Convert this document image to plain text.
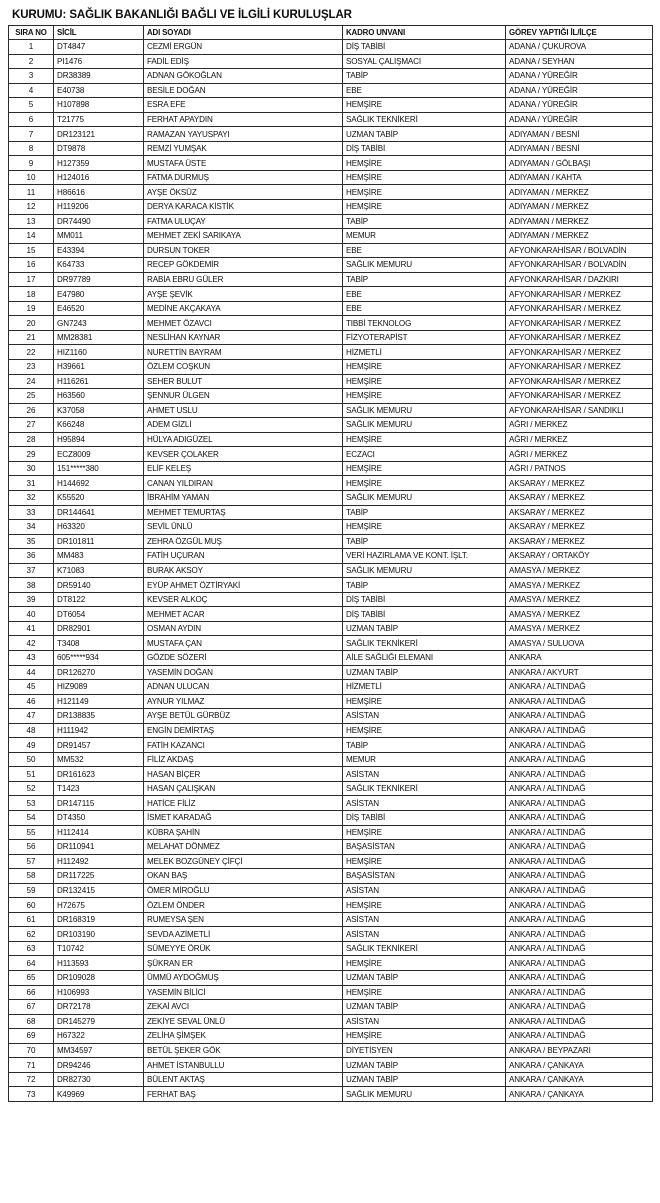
KURUMU: SAĞLIK BAKANLIĞI BAĞLI VE İLGİLİ KURULUŞLAR
SIRA NO	SİCİL	ADI SOYADI	KADRO UNVANI	GÖREV YAPTIĞI İL/İLÇE
1	DT4847	CEZMİ ERGÜN	DİŞ TABİBİ	ADANA / ÇUKUROVA
2	PI1476	FADİL EDİŞ	SOSYAL ÇALIŞMACI	ADANA / SEYHAN
3	DR38389	ADNAN GÖKOĞLAN	TABİP	ADANA / YÜREĞİR
4	E40738	BESİLE DOĞAN	EBE	ADANA / YÜREĞİR
5	H107898	ESRA EFE	HEMŞİRE	ADANA / YÜREĞİR
6	T21775	FERHAT APAYDIN	SAĞLIK TEKNİKERİ	ADANA / YÜREĞİR
7	DR123121	RAMAZAN YAYUSPAYI	UZMAN TABİP	ADIYAMAN / BESNİ
8	DT9878	REMZİ YUMŞAK	DİŞ TABİBİ	ADIYAMAN / BESNİ
9	H127359	MUSTAFA ÜSTE	HEMŞİRE	ADIYAMAN / GÖLBAŞI
10	H124016	FATMA DURMUŞ	HEMŞİRE	ADIYAMAN / KAHTA
11	H86616	AYŞE ÖKSÜZ	HEMŞİRE	ADIYAMAN / MERKEZ
12	H119206	DERYA KARACA KİSTİK	HEMŞİRE	ADIYAMAN / MERKEZ
13	DR74490	FATMA ULUÇAY	TABİP	ADIYAMAN / MERKEZ
14	MM011	MEHMET ZEKİ SARIKAYA	MEMUR	ADIYAMAN / MERKEZ
15	E43394	DURSUN TOKER	EBE	AFYONKARAHİSAR / BOLVADİN
16	K64733	RECEP GÖKDEMİR	SAĞLIK MEMURU	AFYONKARAHİSAR / BOLVADİN
17	DR97789	RABİA EBRU GÜLER	TABİP	AFYONKARAHİSAR / DAZKIRI
18	E47980	AYŞE ŞEVİK	EBE	AFYONKARAHİSAR / MERKEZ
19	E46520	MEDİNE AKÇAKAYA	EBE	AFYONKARAHİSAR / MERKEZ
20	GN7243	MEHMET ÖZAVCI	TIBBİ TEKNOLOG	AFYONKARAHİSAR / MERKEZ
21	MM28381	NESLİHAN KAYNAR	FİZYOTERAPİST	AFYONKARAHİSAR / MERKEZ
22	HIZ1160	NURETTİN BAYRAM	HİZMETLİ	AFYONKARAHİSAR / MERKEZ
23	H39661	ÖZLEM COŞKUN	HEMŞİRE	AFYONKARAHİSAR / MERKEZ
24	H116261	SEHER BULUT	HEMŞİRE	AFYONKARAHİSAR / MERKEZ
25	H63560	ŞENNUR ÜLGEN	HEMŞİRE	AFYONKARAHİSAR / MERKEZ
26	K37058	AHMET USLU	SAĞLIK MEMURU	AFYONKARAHİSAR / SANDIKLI
27	K66248	ADEM GİZLİ	SAĞLIK MEMURU	AĞRI / MERKEZ
28	H95894	HÜLYA ADIGÜZEL	HEMŞİRE	AĞRI / MERKEZ
29	ECZ8009	KEVSER ÇOLAKER	ECZACI	AĞRI / MERKEZ
30	151*****380	ELİF KELEŞ	HEMŞİRE	AĞRI / PATNOS
31	H144692	CANAN YILDIRAN	HEMŞİRE	AKSARAY / MERKEZ
32	K55520	İBRAHİM YAMAN	SAĞLIK MEMURU	AKSARAY / MERKEZ
33	DR144641	MEHMET TEMURTAŞ	TABİP	AKSARAY / MERKEZ
34	H63320	SEVİL ÜNLÜ	HEMŞİRE	AKSARAY / MERKEZ
35	DR101811	ZEHRA ÖZGÜL MUŞ	TABİP	AKSARAY / MERKEZ
36	MM483	FATİH UÇURAN	VERİ HAZIRLAMA VE KONT. İŞLT.	AKSARAY / ORTAKÖY
37	K71083	BURAK AKSOY	SAĞLIK MEMURU	AMASYA / MERKEZ
38	DR59140	EYÜP AHMET ÖZTİRYAKİ	TABİP	AMASYA / MERKEZ
39	DT8122	KEVSER ALKOÇ	DİŞ TABİBİ	AMASYA / MERKEZ
40	DT6054	MEHMET ACAR	DİŞ TABİBİ	AMASYA / MERKEZ
41	DR82901	OSMAN AYDIN	UZMAN TABİP	AMASYA / MERKEZ
42	T3408	MUSTAFA ÇAN	SAĞLIK TEKNİKERİ	AMASYA / SULUOVA
43	605*****934	GÖZDE SÖZERİ	AİLE SAĞLIĞI ELEMANI	ANKARA
44	DR126270	YASEMİN DOĞAN	UZMAN TABİP	ANKARA / AKYURT
45	HIZ9089	ADNAN ULUCAN	HİZMETLİ	ANKARA / ALTINDAĞ
46	H121149	AYNUR YILMAZ	HEMŞİRE	ANKARA / ALTINDAĞ
47	DR138835	AYŞE BETÜL GÜRBÜZ	ASİSTAN	ANKARA / ALTINDAĞ
48	H111942	ENGİN DEMİRTAŞ	HEMŞİRE	ANKARA / ALTINDAĞ
49	DR91457	FATİH KAZANCI	TABİP	ANKARA / ALTINDAĞ
50	MM532	FİLİZ AKDAŞ	MEMUR	ANKARA / ALTINDAĞ
51	DR161623	HASAN BİÇER	ASİSTAN	ANKARA / ALTINDAĞ
52	T1423	HASAN ÇALIŞKAN	SAĞLIK TEKNİKERİ	ANKARA / ALTINDAĞ
53	DR147115	HATİCE FİLİZ	ASİSTAN	ANKARA / ALTINDAĞ
54	DT4350	İSMET KARADAĞ	DİŞ TABİBİ	ANKARA / ALTINDAĞ
55	H112414	KÜBRA ŞAHİN	HEMŞİRE	ANKARA / ALTINDAĞ
56	DR110941	MELAHAT DÖNMEZ	BAŞASİSTAN	ANKARA / ALTINDAĞ
57	H112492	MELEK BOZGÜNEY ÇİFÇİ	HEMŞİRE	ANKARA / ALTINDAĞ
58	DR117225	OKAN BAŞ	BAŞASİSTAN	ANKARA / ALTINDAĞ
59	DR132415	ÖMER MİROĞLU	ASİSTAN	ANKARA / ALTINDAĞ
60	H72675	ÖZLEM ÖNDER	HEMŞİRE	ANKARA / ALTINDAĞ
61	DR168319	RUMEYSA ŞEN	ASİSTAN	ANKARA / ALTINDAĞ
62	DR103190	SEVDA AZİMETLİ	ASİSTAN	ANKARA / ALTINDAĞ
63	T10742	SÜMEYYE ÖRÜK	SAĞLIK TEKNİKERİ	ANKARA / ALTINDAĞ
64	H113593	ŞÜKRAN ER	HEMŞİRE	ANKARA / ALTINDAĞ
65	DR109028	ÜMMÜ AYDOĞMUŞ	UZMAN TABİP	ANKARA / ALTINDAĞ
66	H106993	YASEMİN BİLİCİ	HEMŞİRE	ANKARA / ALTINDAĞ
67	DR72178	ZEKAİ AVCI	UZMAN TABİP	ANKARA / ALTINDAĞ
68	DR145279	ZEKİYE SEVAL ÜNLÜ	ASİSTAN	ANKARA / ALTINDAĞ
69	H67322	ZELİHA ŞİMŞEK	HEMŞİRE	ANKARA / ALTINDAĞ
70	MM34597	BETÜL ŞEKER GÖK	DİYETİSYEN	ANKARA / BEYPAZARI
71	DR94246	AHMET İSTANBULLU	UZMAN TABİP	ANKARA / ÇANKAYA
72	DR82730	BÜLENT AKTAŞ	UZMAN TABİP	ANKARA / ÇANKAYA
73	K49969	FERHAT BAŞ	SAĞLIK MEMURU	ANKARA / ÇANKAYA
